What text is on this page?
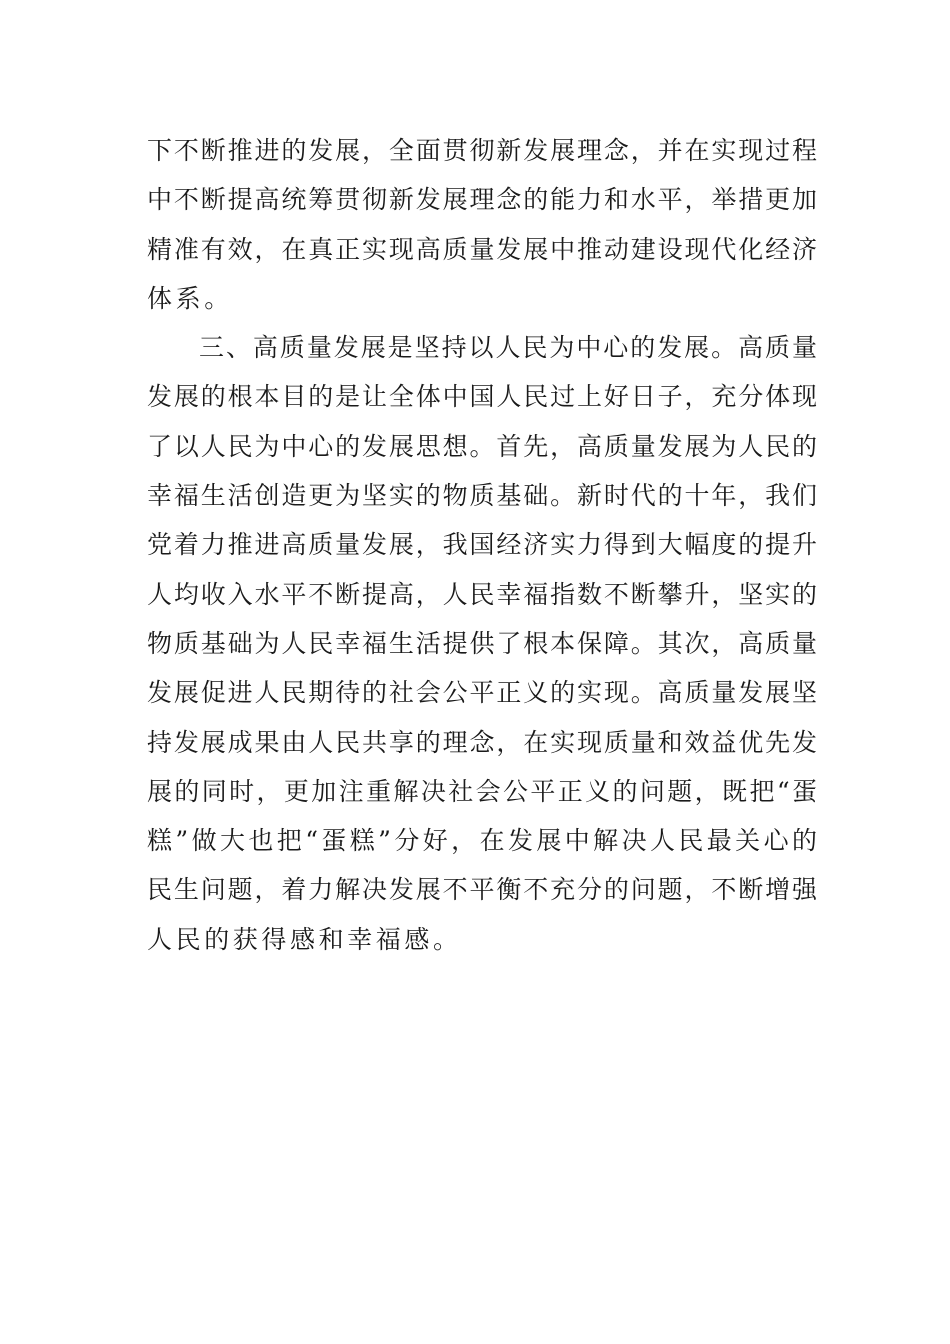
下不断推进的发展，全面贯彻新发展理念，并在实现过程
中不断提高统筹贯彻新发展理念的能力和水平，举措更加
精准有效，在真正实现高质量发展中推动建设现代化经济
体系。
三、高质量发展是坚持以人民为中心的发展。高质量
发展的根本目的是让全体中国人民过上好日子，充分体现
了以人民为中心的发展思想。首先，高质量发展为人民的
幸福生活创造更为坚实的物质基础。新时代的十年，我们
党着力推进高质量发展，我国经济实力得到大幅度的提升
人均收入水平不断提高，人民幸福指数不断攀升，坚实的
物质基础为人民幸福生活提供了根本保障。其次，高质量
发展促进人民期待的社会公平正义的实现。高质量发展坚
持发展成果由人民共享的理念，在实现质量和效益优先发
展的同时，更加注重解决社会公平正义的问题，既把“蛋
糕”做大也把“蛋糕”分好，在发展中解决人民最关心的
民生问题，着力解决发展不平衡不充分的问题，不断增强
人民的获得感和幸福感。
